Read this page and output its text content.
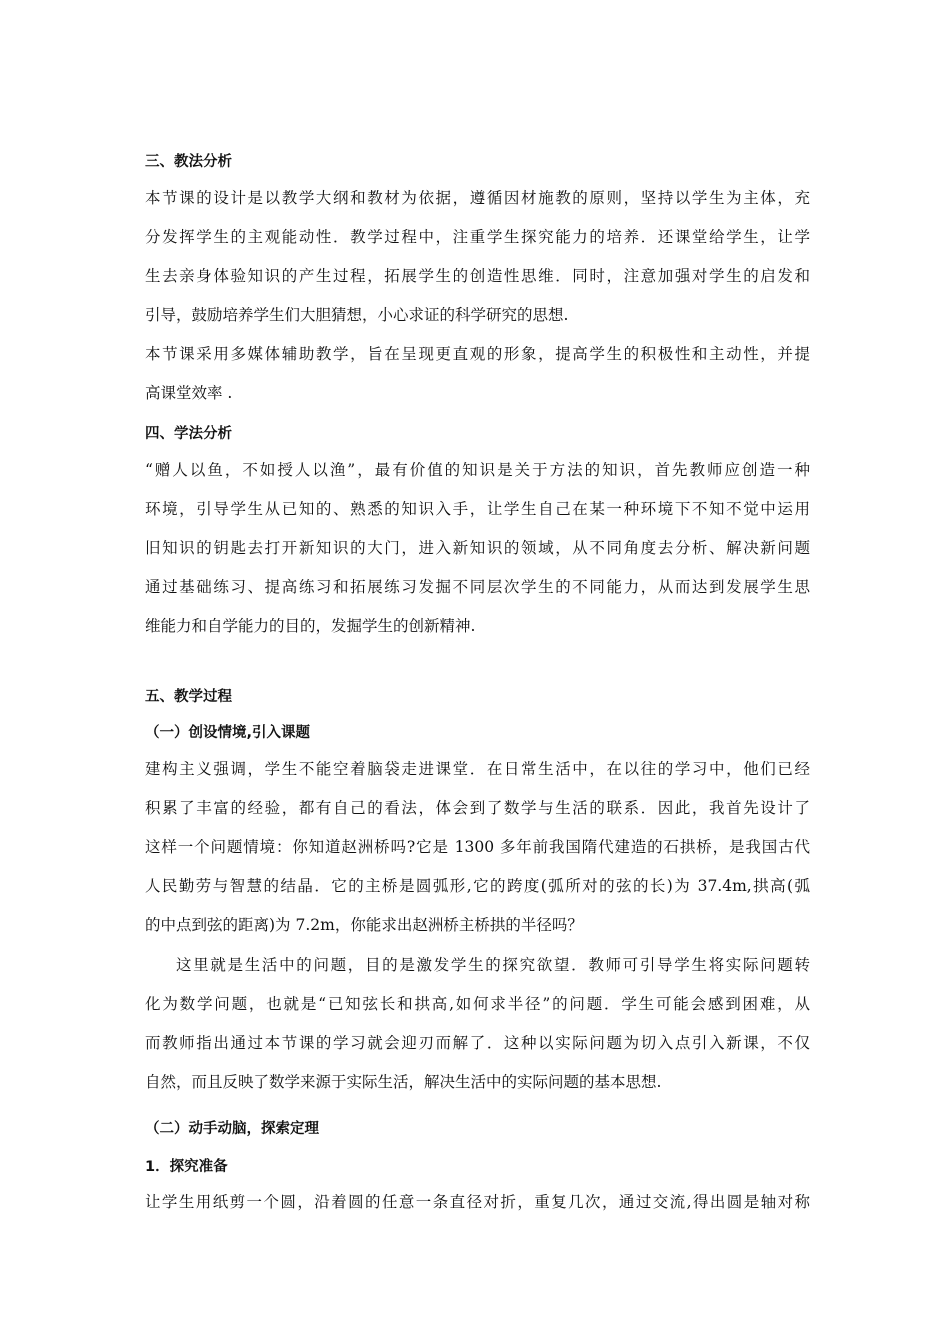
三、教法分析
本节课的设计是以教学大纲和教材为依据，遵循因材施教的原则，坚持以学生为主体，充
分发挥学生的主观能动性．教学过程中，注重学生探究能力的培养．还课堂给学生，让学
生去亲身体验知识的产生过程，拓展学生的创造性思维．同时，注意加强对学生的启发和
引导，鼓励培养学生们大胆猜想，小心求证的科学研究的思想.
本节课采用多媒体辅助教学，旨在呈现更直观的形象，提高学生的积极性和主动性，并提
高课堂效率 .
四、学法分析
“赠人以鱼，不如授人以渔”，最有价值的知识是关于方法的知识，首先教师应创造一种
环境，引导学生从已知的、熟悉的知识入手，让学生自己在某一种环境下不知不觉中运用
旧知识的钥匙去打开新知识的大门，进入新知识的领域，从不同角度去分析、解决新问题
通过基础练习、提高练习和拓展练习发掘不同层次学生的不同能力，从而达到发展学生思
维能力和自学能力的目的，发掘学生的创新精神.
五、教学过程
（一）创设情境,引入课题
建构主义强调，学生不能空着脑袋走进课堂．在日常生活中，在以往的学习中，他们已经
积累了丰富的经验，都有自己的看法，体会到了数学与生活的联系．因此，我首先设计了
这样一个问题情境：你知道赵洲桥吗?它是 1300 多年前我国隋代建造的石拱桥，是我国古代
人民勤劳与智慧的结晶．它的主桥是圆弧形,它的跨度(弧所对的弦的长)为 37.4m,拱高(弧
的中点到弦的距离)为 7.2m，你能求出赵洲桥主桥拱的半径吗？
这里就是生活中的问题，目的是激发学生的探究欲望．教师可引导学生将实际问题转
化为数学问题，也就是“已知弦长和拱高,如何求半径”的问题．学生可能会感到困难，从
而教师指出通过本节课的学习就会迎刃而解了．这种以实际问题为切入点引入新课，不仅
自然，而且反映了数学来源于实际生活，解决生活中的实际问题的基本思想.
（二）动手动脑，探索定理
1．探究准备
让学生用纸剪一个圆，沿着圆的任意一条直径对折，重复几次，通过交流,得出圆是轴对称
